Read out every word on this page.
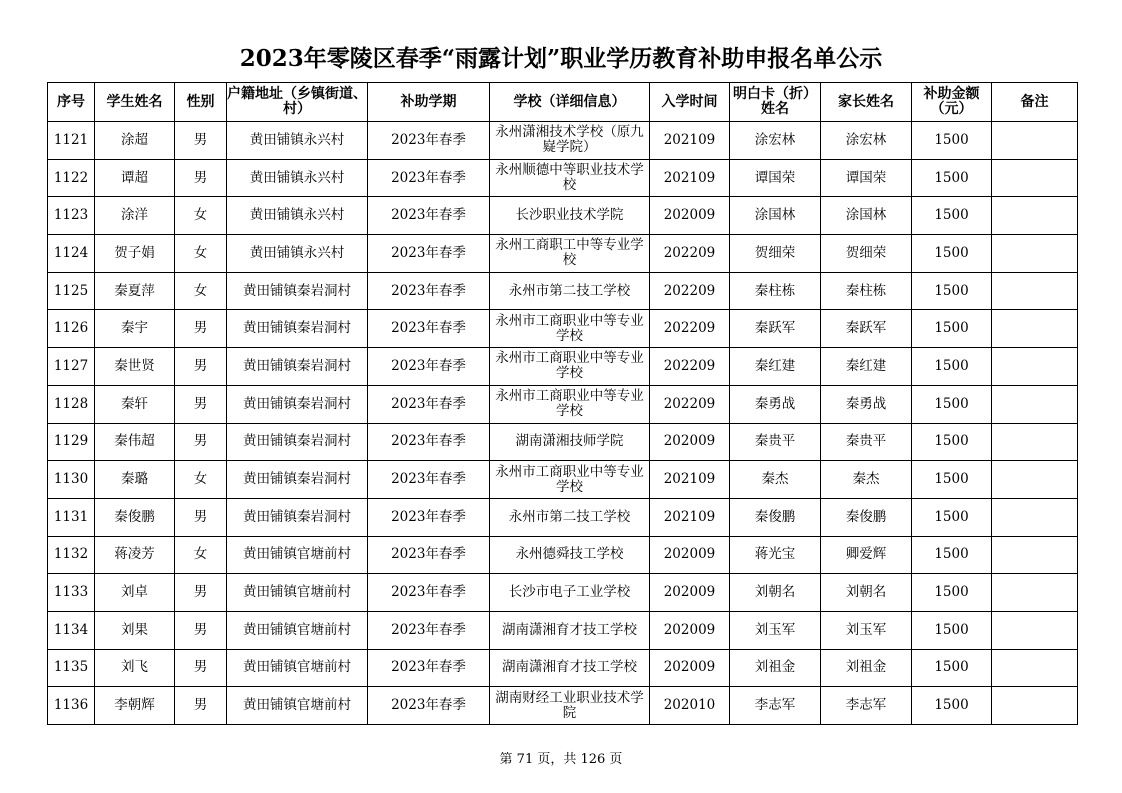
2023年零陵区春季“雨露计划”职业学历教育补助申报名单公示
序号	学生姓名	性别	户籍地址（乡镇街道、村）	补助学期	学校（详细信息）	入学时间	明白卡（折）姓名	家长姓名	补助金额（元）	备注
1121	涂超	男	黄田铺镇永兴村	2023年春季	永州潇湘技术学校（原九嶷学院）	202109	涂宏林	涂宏林	1500	
1122	谭超	男	黄田铺镇永兴村	2023年春季	永州顺德中等职业技术学校	202109	谭国荣	谭国荣	1500	
1123	涂洋	女	黄田铺镇永兴村	2023年春季	长沙职业技术学院	202009	涂国林	涂国林	1500	
1124	贺子娟	女	黄田铺镇永兴村	2023年春季	永州工商职工中等专业学校	202209	贺细荣	贺细荣	1500	
1125	秦夏萍	女	黄田铺镇秦岩洞村	2023年春季	永州市第二技工学校	202209	秦柱栋	秦柱栋	1500	
1126	秦宇	男	黄田铺镇秦岩洞村	2023年春季	永州市工商职业中等专业学校	202209	秦跃军	秦跃军	1500	
1127	秦世贤	男	黄田铺镇秦岩洞村	2023年春季	永州市工商职业中等专业学校	202209	秦红建	秦红建	1500	
1128	秦轩	男	黄田铺镇秦岩洞村	2023年春季	永州市工商职业中等专业学校	202209	秦勇战	秦勇战	1500	
1129	秦伟超	男	黄田铺镇秦岩洞村	2023年春季	湖南潇湘技师学院	202009	秦贵平	秦贵平	1500	
1130	秦璐	女	黄田铺镇秦岩洞村	2023年春季	永州市工商职业中等专业学校	202109	秦杰	秦杰	1500	
1131	秦俊鹏	男	黄田铺镇秦岩洞村	2023年春季	永州市第二技工学校	202109	秦俊鹏	秦俊鹏	1500	
1132	蒋凌芳	女	黄田铺镇官塘前村	2023年春季	永州德舜技工学校	202009	蒋光宝	卿爱辉	1500	
1133	刘卓	男	黄田铺镇官塘前村	2023年春季	长沙市电子工业学校	202009	刘朝名	刘朝名	1500	
1134	刘果	男	黄田铺镇官塘前村	2023年春季	湖南潇湘育才技工学校	202009	刘玉军	刘玉军	1500	
1135	刘飞	男	黄田铺镇官塘前村	2023年春季	湖南潇湘育才技工学校	202009	刘祖金	刘祖金	1500	
1136	李朝辉	男	黄田铺镇官塘前村	2023年春季	湖南财经工业职业技术学院	202010	李志军	李志军	1500	
第 71 页，共 126 页
